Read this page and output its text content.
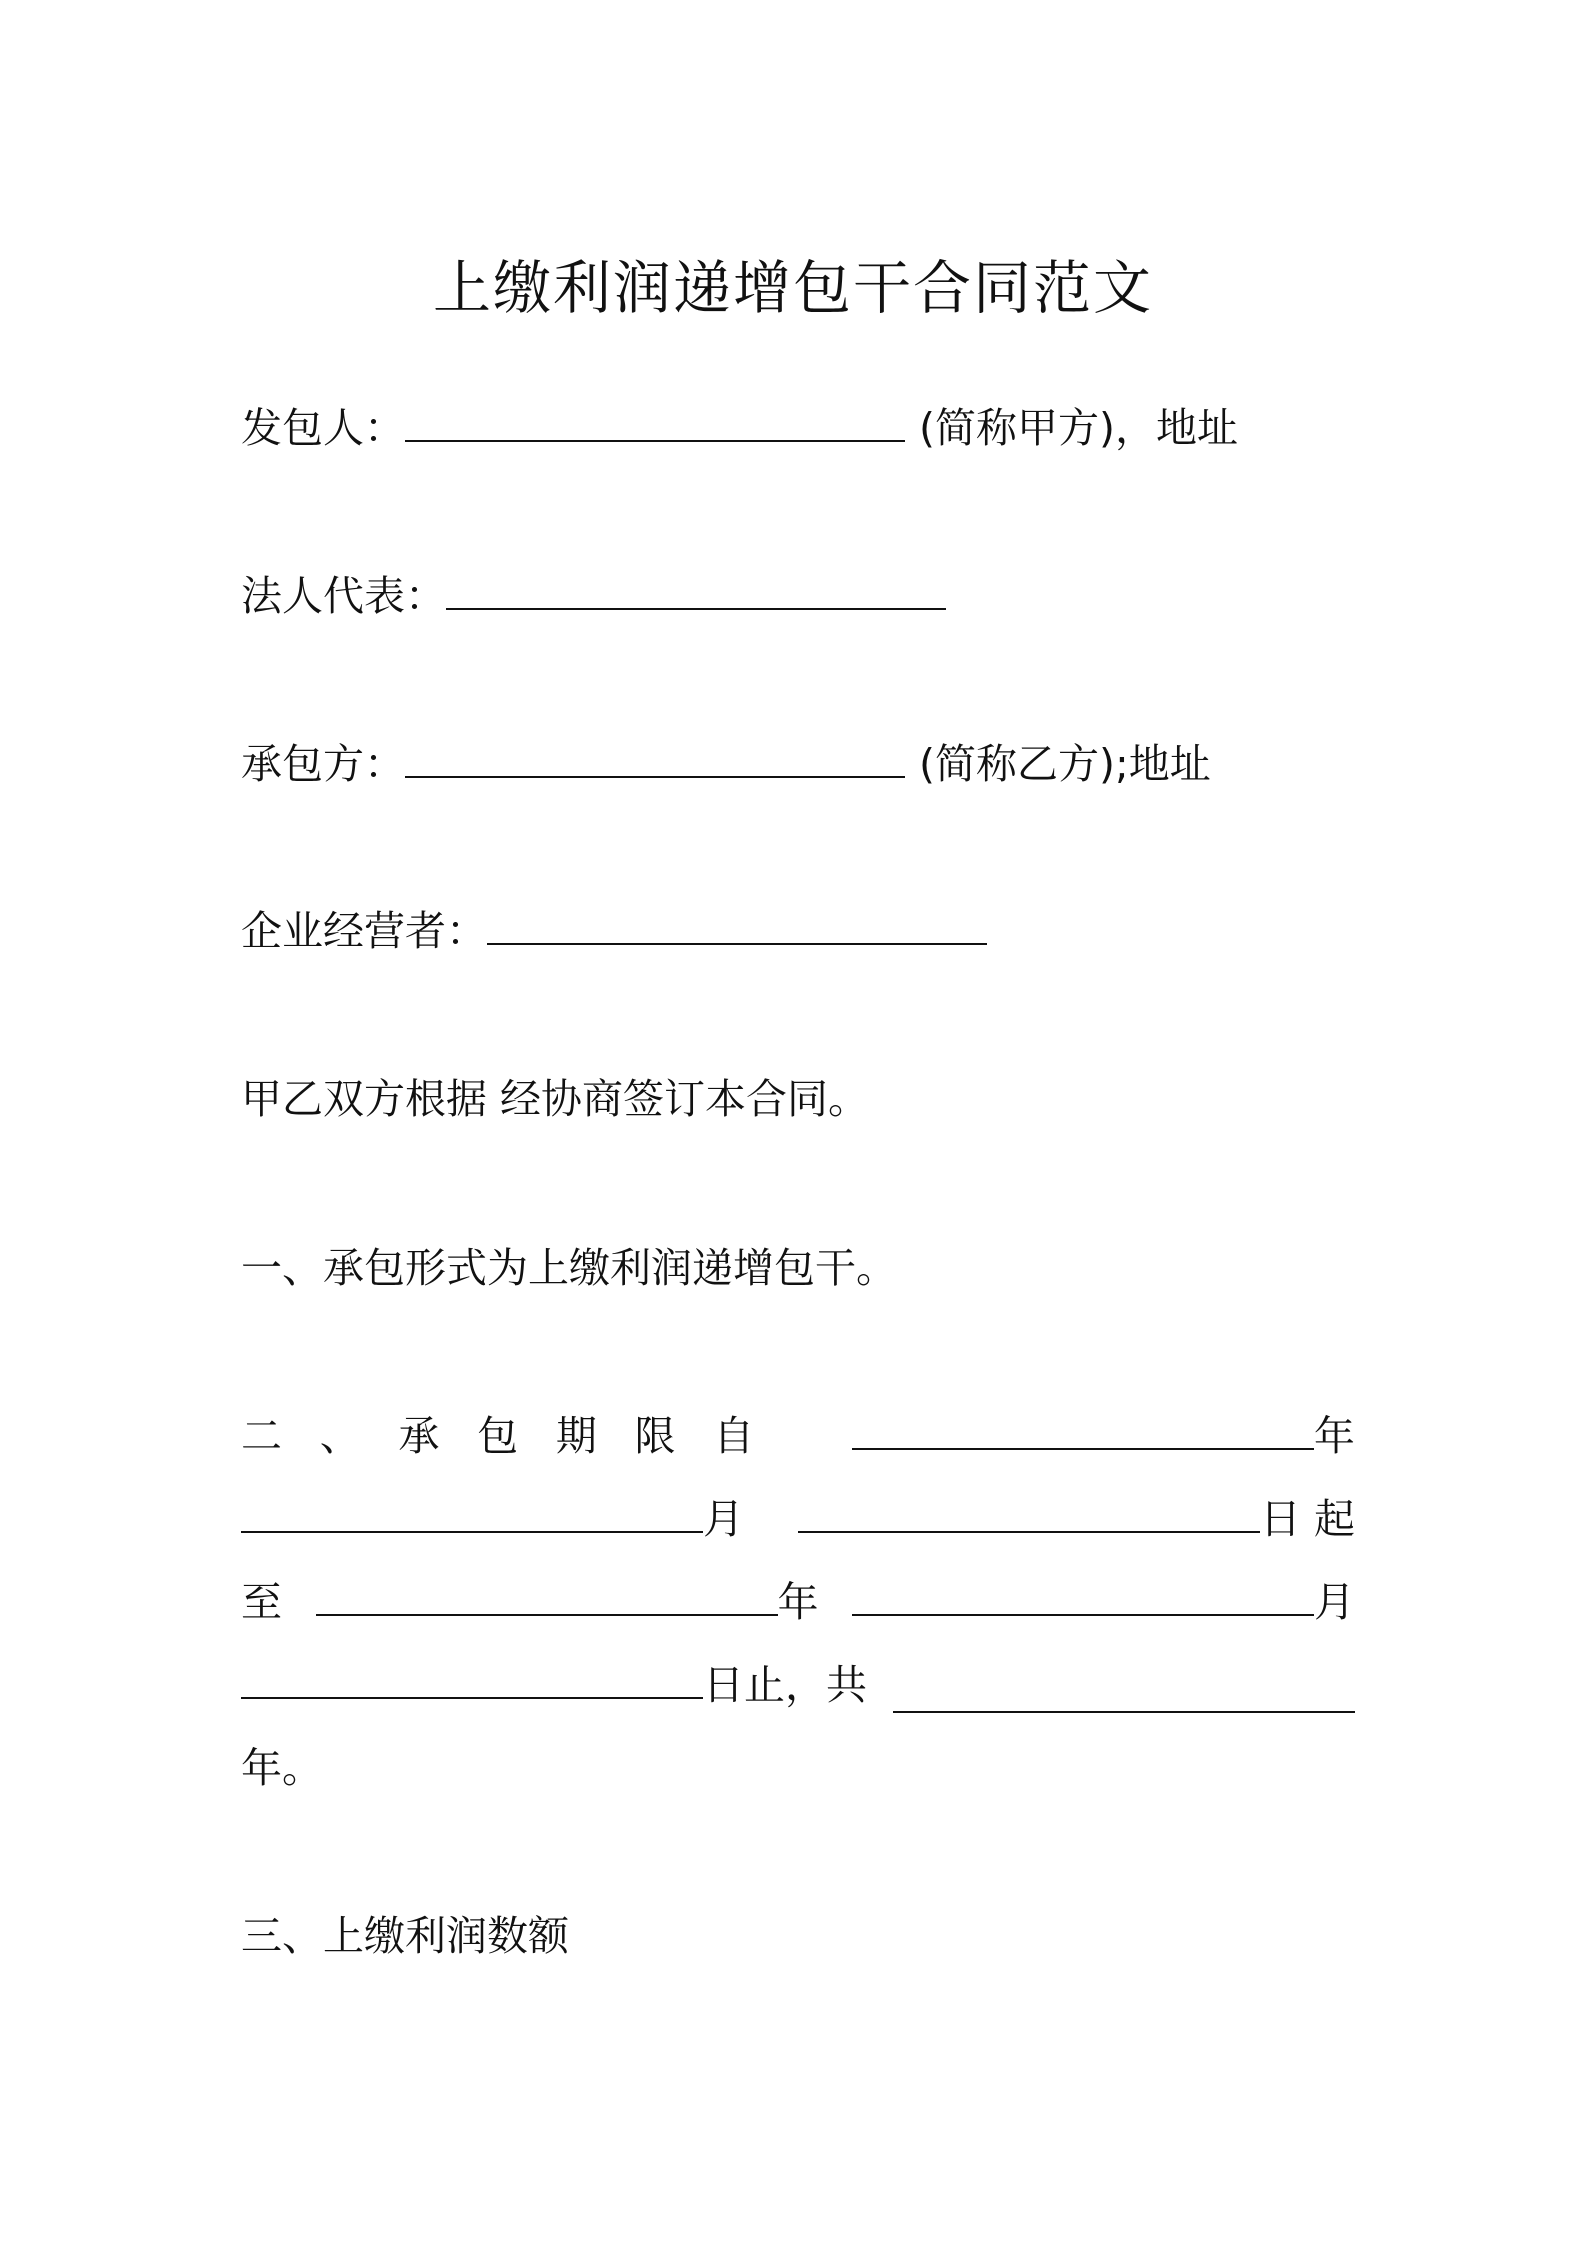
上缴利润递增包干合同范文
发包人：	(简称甲方)，地址
法人代表：
承包方：	(简称乙方);地址
企业经营者：
甲乙双方根据 经协商签订本合同。
一、承包形式为上缴利润递增包干。
二 、 承 包 期 限 自	年
月	日 起
至	年	月
日止，共
年。
三、上缴利润数额
